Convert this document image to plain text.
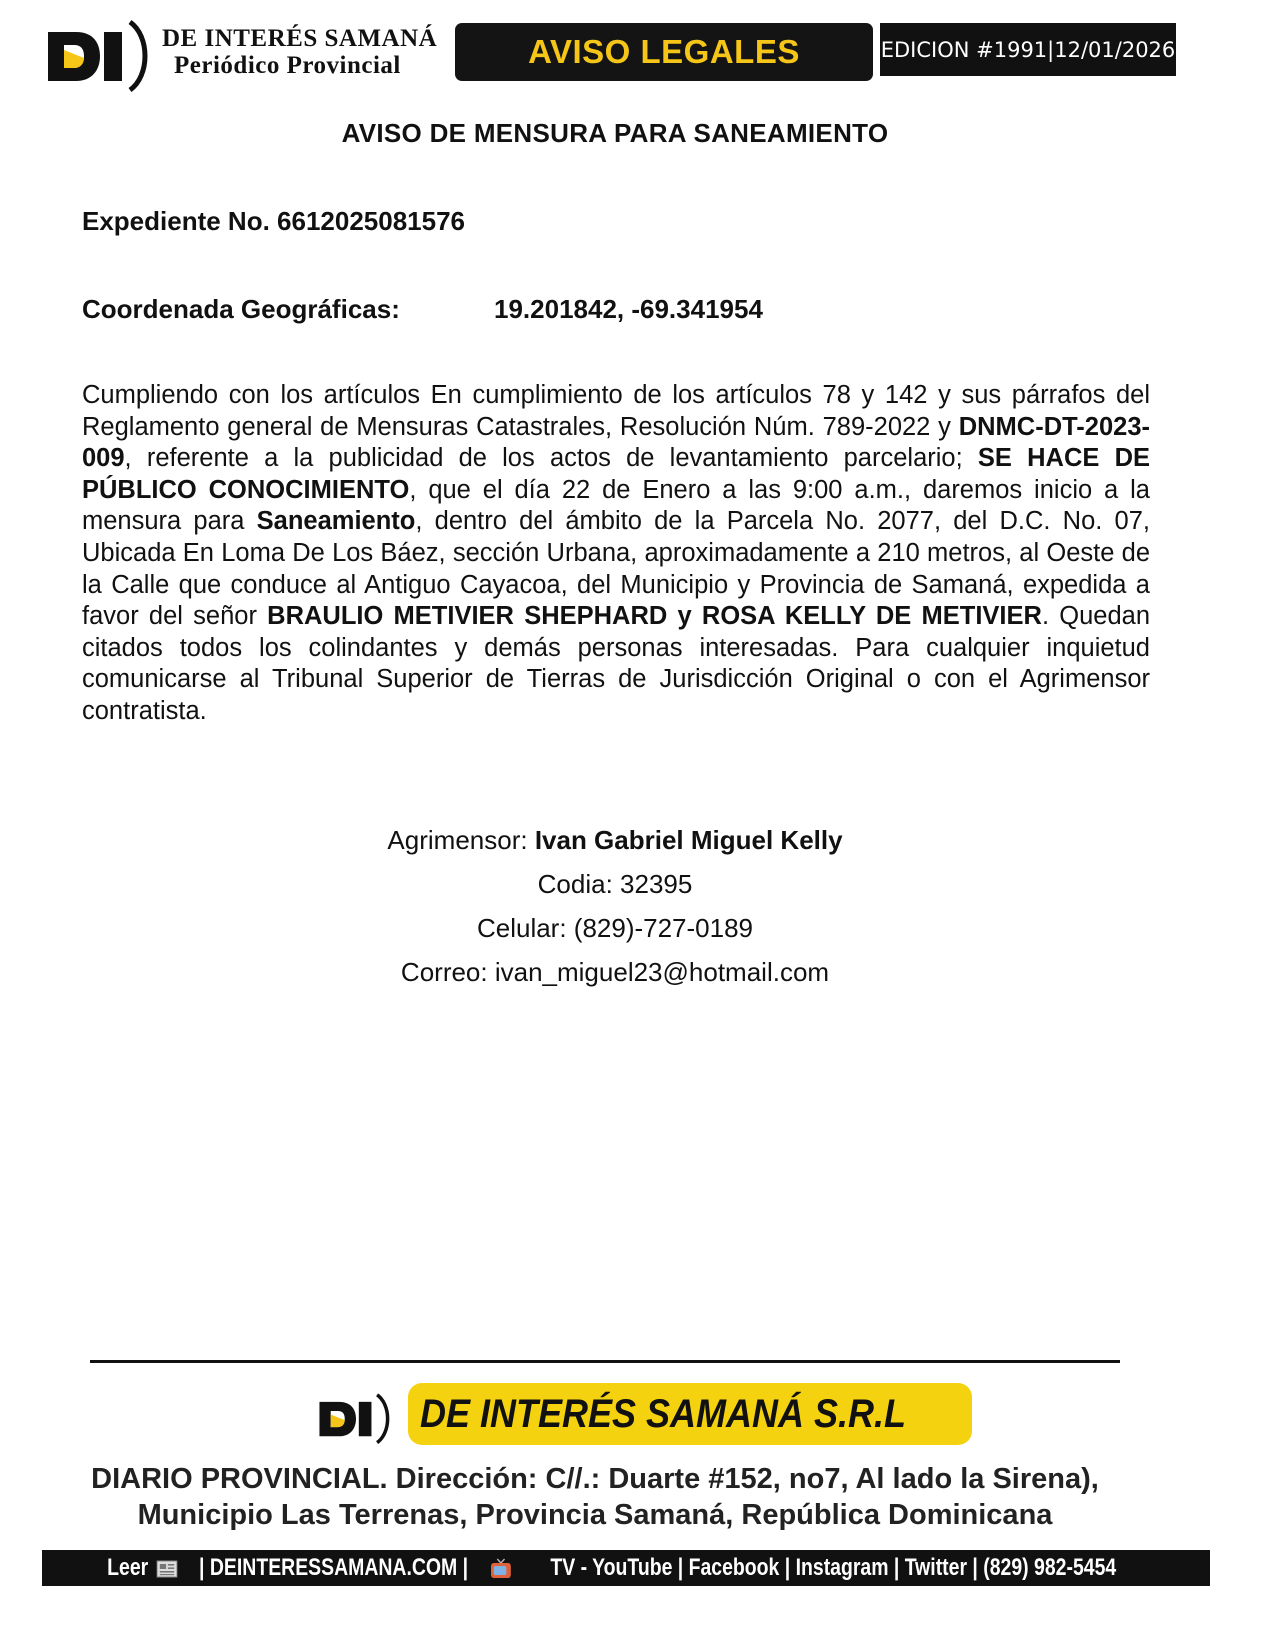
DE INTERÉS SAMANÁ
Periódico Provincial	AVISO LEGALES	EDICION #1991|12/01/2026
AVISO DE MENSURA PARA SANEAMIENTO
Expediente No. 6612025081576
Coordenada Geográficas:	19.201842, -69.341954
Cumpliendo con los artículos En cumplimiento de los artículos 78 y 142 y sus párrafos del Reglamento general de Mensuras Catastrales, Resolución Núm. 789-2022 y DNMC-DT-2023-009, referente a la publicidad de los actos de levantamiento parcelario; SE HACE DE PÚBLICO CONOCIMIENTO, que el día 22 de Enero a las 9:00 a.m., daremos inicio a la mensura para Saneamiento, dentro del ámbito de la Parcela No. 2077, del D.C. No. 07, Ubicada En Loma De Los Báez, sección Urbana, aproximadamente a 210 metros, al Oeste de la Calle que conduce al Antiguo Cayacoa, del Municipio y Provincia de Samaná, expedida a favor del señor BRAULIO METIVIER SHEPHARD y ROSA KELLY DE METIVIER. Quedan citados todos los colindantes y demás personas interesadas. Para cualquier inquietud comunicarse al Tribunal Superior de Tierras de Jurisdicción Original o con el Agrimensor contratista.
Agrimensor: Ivan Gabriel Miguel Kelly
Codia: 32395
Celular: (829)-727-0189
Correo: ivan_miguel23@hotmail.com
DE INTERÉS SAMANÁ S.R.L
DIARIO PROVINCIAL. Dirección: C//.: Duarte #152, no7, Al lado la Sirena),
Municipio Las Terrenas, Provincia Samaná, República Dominicana
Leer  | DEINTERESSAMANA.COM |	TV - YouTube | Facebook | Instagram | Twitter | (829) 982-5454
